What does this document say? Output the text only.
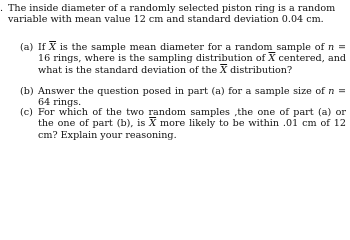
. The inside diameter of a randomly selected piston ring is a random variable with mean value 12 cm and standard deviation 0.04 cm.

(a) If $\overline{X}$ is the sample mean diameter for a random sample of n = 16 rings, where is the sampling distribution of $\overline{X}$ centered, and what is the standard deviation of the $\overline{X}$ distribution?

(b) Answer the question posed in part (a) for a sample size of n = 64 rings.

(c) For which of the two random samples ,the one of part (a) or the one of part (b), is $\overline{X}$ more likely to be within .01 cm of 12 cm? Explain your reasoning.
